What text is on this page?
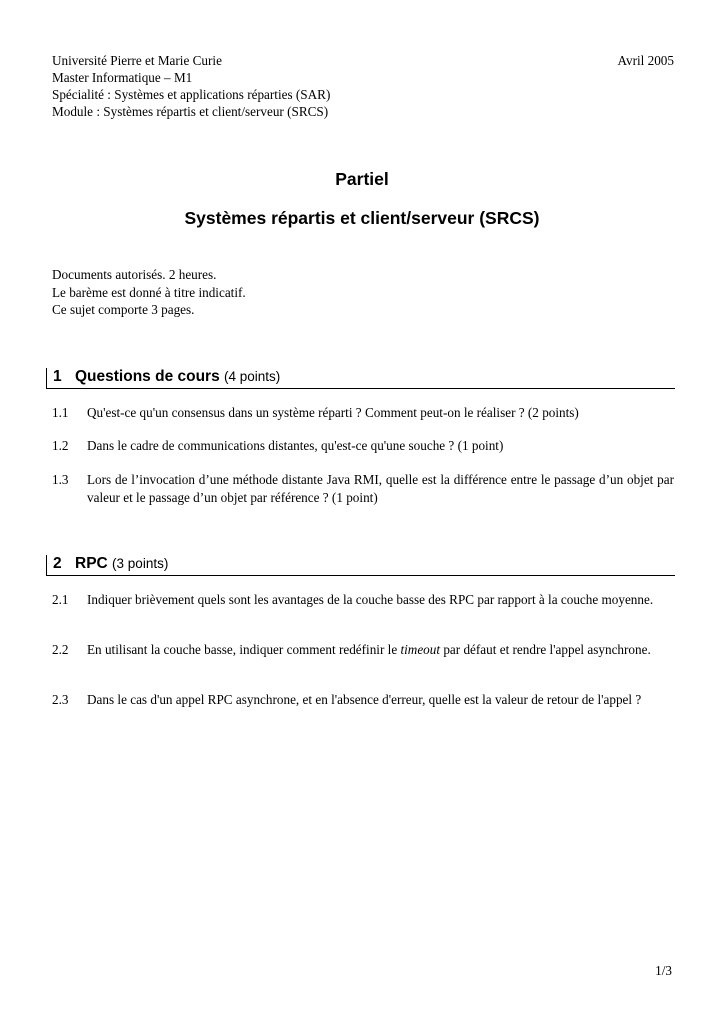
Université Pierre et Marie Curie	Avril 2005
Master Informatique – M1
Spécialité : Systèmes et applications réparties (SAR)
Module : Systèmes répartis et client/serveur (SRCS)
Partiel
Systèmes répartis et client/serveur (SRCS)
Documents autorisés. 2 heures.
Le barème est donné à titre indicatif.
Ce sujet comporte 3 pages.
1 Questions de cours (4 points)
1.1 Qu'est-ce qu'un consensus dans un système réparti ? Comment peut-on le réaliser ? (2 points)
1.2 Dans le cadre de communications distantes, qu'est-ce qu'une souche ? (1 point)
1.3 Lors de l’invocation d’une méthode distante Java RMI, quelle est la différence entre le passage d’un objet par valeur et le passage d’un objet par référence ? (1 point)
2 RPC (3 points)
2.1 Indiquer brièvement quels sont les avantages de la couche basse des RPC par rapport à la couche moyenne.
2.2 En utilisant la couche basse, indiquer comment redéfinir le timeout par défaut et rendre l'appel asynchrone.
2.3 Dans le cas d'un appel RPC asynchrone, et en l'absence d'erreur, quelle est la valeur de retour de l'appel ?
1/3
